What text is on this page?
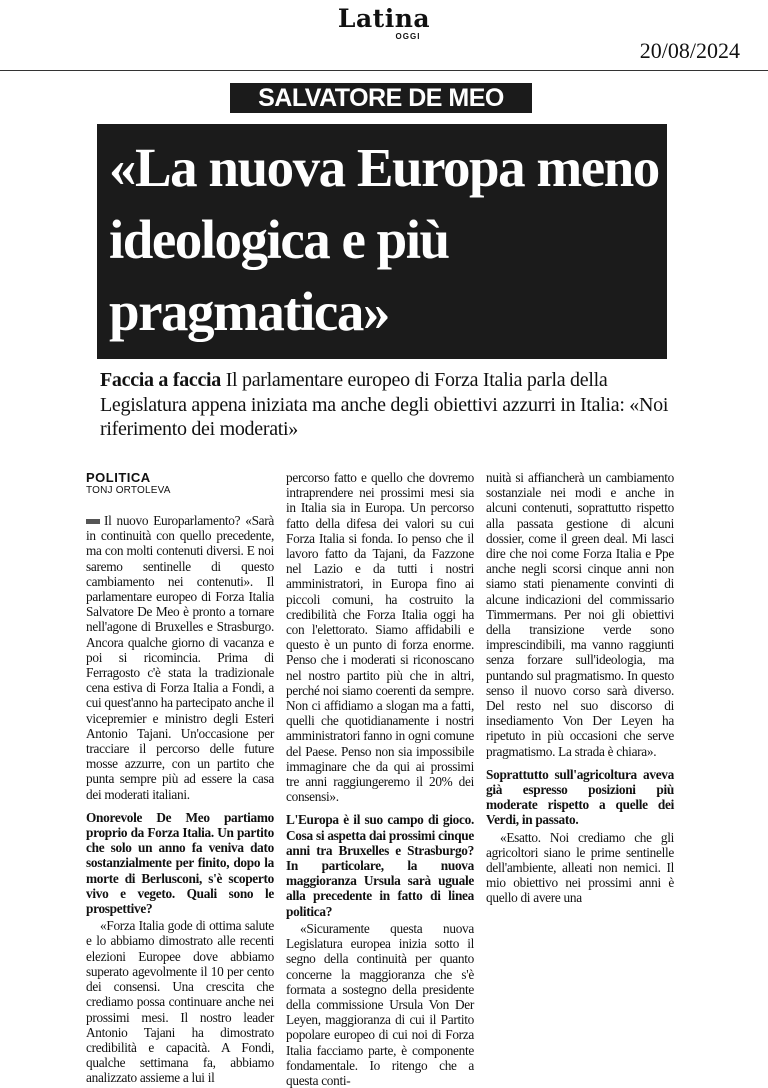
Latina
OGGI
20/08/2024
SALVATORE DE MEO
«La nuova Europa meno ideologica e più pragmatica»

Faccia a faccia Il parlamentare europeo di Forza Italia parla della Legislatura appena iniziata ma anche degli obiettivi azzurri in Italia: «Noi riferimento dei moderati»

POLITICA
TONJ ORTOLEVA

Il nuovo Europarlamento? «Sarà in continuità con quello precedente, ma con molti contenuti diversi. E noi saremo sentinelle di questo cambiamento nei contenuti». Il parlamentare europeo di Forza Italia Salvatore De Meo è pronto a tornare nell'agone di Bruxelles e Strasburgo. Ancora qualche giorno di vacanza e poi si ricomincia. Prima di Ferragosto c'è stata la tradizionale cena estiva di Forza Italia a Fondi, a cui quest'anno ha partecipato anche il vicepremier e ministro degli Esteri Antonio Tajani. Un'occasione per tracciare il percorso delle future mosse azzurre, con un partito che punta sempre più ad essere la casa dei moderati italiani.

Onorevole De Meo partiamo proprio da Forza Italia. Un partito che solo un anno fa veniva dato sostanzialmente per finito, dopo la morte di Berlusconi, s'è scoperto vivo e vegeto. Quali sono le prospettive?

«Forza Italia gode di ottima salute e lo abbiamo dimostrato alle recenti elezioni Europee dove abbiamo superato agevolmente il 10 per cento dei consensi. Una crescita che crediamo possa continuare anche nei prossimi mesi. Il nostro leader Antonio Tajani ha dimostrato credibilità e capacità. A Fondi, qualche settimana fa, abbiamo analizzato assieme a lui il

percorso fatto e quello che dovremo intraprendere nei prossimi mesi sia in Italia sia in Europa. Un percorso fatto della difesa dei valori su cui Forza Italia si fonda. Io penso che il lavoro fatto da Tajani, da Fazzone nel Lazio e da tutti i nostri amministratori, in Europa fino ai piccoli comuni, ha costruito la credibilità che Forza Italia oggi ha con l'elettorato. Siamo affidabili e questo è un punto di forza enorme. Penso che i moderati si riconoscano nel nostro partito più che in altri, perché noi siamo coerenti da sempre. Non ci affidiamo a slogan ma a fatti, quelli che quotidianamente i nostri amministratori fanno in ogni comune del Paese. Penso non sia impossibile immaginare che da qui ai prossimi tre anni raggiungeremo il 20% dei consensi».

L'Europa è il suo campo di gioco. Cosa si aspetta dai prossimi cinque anni tra Bruxelles e Strasburgo? In particolare, la nuova maggioranza Ursula sarà uguale alla precedente in fatto di linea politica?

«Sicuramente questa nuova Legislatura europea inizia sotto il segno della continuità per quanto concerne la maggioranza che s'è formata a sostegno della presidente della commissione Ursula Von Der Leyen, maggioranza di cui il Partito popolare europeo di cui noi di Forza Italia facciamo parte, è componente fondamentale. Io ritengo che a questa conti-

nuità si affiancherà un cambiamento sostanziale nei modi e anche in alcuni contenuti, soprattutto rispetto alla passata gestione di alcuni dossier, come il green deal. Mi lasci dire che noi come Forza Italia e Ppe anche negli scorsi cinque anni non siamo stati pienamente convinti di alcune indicazioni del commissario Timmermans. Per noi gli obiettivi della transizione verde sono imprescindibili, ma vanno raggiunti senza forzare sull'ideologia, ma puntando sul pragmatismo. In questo senso il nuovo corso sarà diverso. Del resto nel suo discorso di insediamento Von Der Leyen ha ripetuto in più occasioni che serve pragmatismo. La strada è chiara».

Soprattutto sull'agricoltura aveva già espresso posizioni più moderate rispetto a quelle dei Verdi, in passato.

«Esatto. Noi crediamo che gli agricoltori siano le prime sentinelle dell'ambiente, alleati non nemici. Il mio obiettivo nei prossimi anni è quello di avere una
